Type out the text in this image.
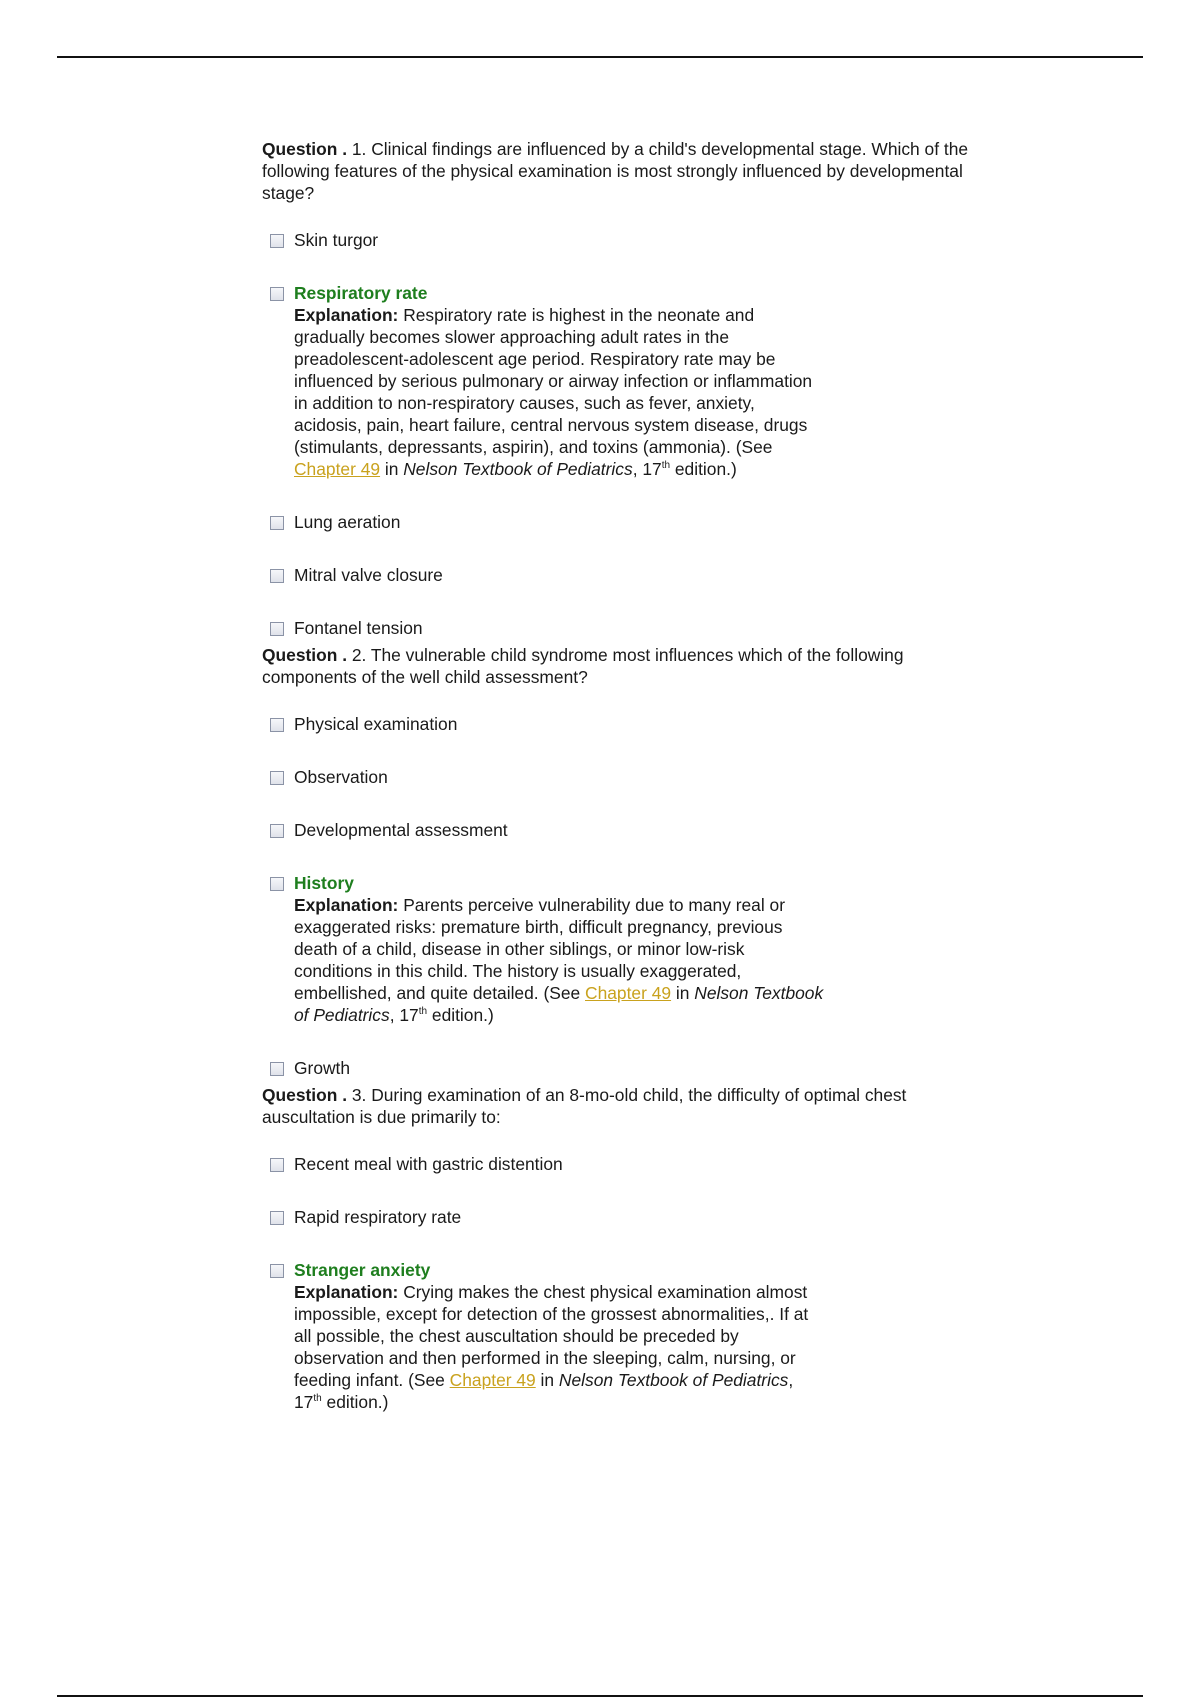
Question . 1. Clinical findings are influenced by a child's developmental stage. Which of the following features of the physical examination is most strongly influenced by developmental stage?

Skin turgor
Respiratory rate
Explanation: Respiratory rate is highest in the neonate and gradually becomes slower approaching adult rates in the preadolescent-adolescent age period. Respiratory rate may be influenced by serious pulmonary or airway infection or inflammation in addition to non-respiratory causes, such as fever, anxiety, acidosis, pain, heart failure, central nervous system disease, drugs (stimulants, depressants, aspirin), and toxins (ammonia). (See Chapter 49 in Nelson Textbook of Pediatrics, 17th edition.)
Lung aeration
Mitral valve closure
Fontanel tension

Question . 2. The vulnerable child syndrome most influences which of the following components of the well child assessment?

Physical examination
Observation
Developmental assessment
History
Explanation: Parents perceive vulnerability due to many real or exaggerated risks: premature birth, difficult pregnancy, previous death of a child, disease in other siblings, or minor low-risk conditions in this child. The history is usually exaggerated, embellished, and quite detailed. (See Chapter 49 in Nelson Textbook of Pediatrics, 17th edition.)
Growth

Question . 3. During examination of an 8-mo-old child, the difficulty of optimal chest auscultation is due primarily to:

Recent meal with gastric distention
Rapid respiratory rate
Stranger anxiety
Explanation: Crying makes the chest physical examination almost impossible, except for detection of the grossest abnormalities,. If at all possible, the chest auscultation should be preceded by observation and then performed in the sleeping, calm, nursing, or feeding infant. (See Chapter 49 in Nelson Textbook of Pediatrics, 17th edition.)
